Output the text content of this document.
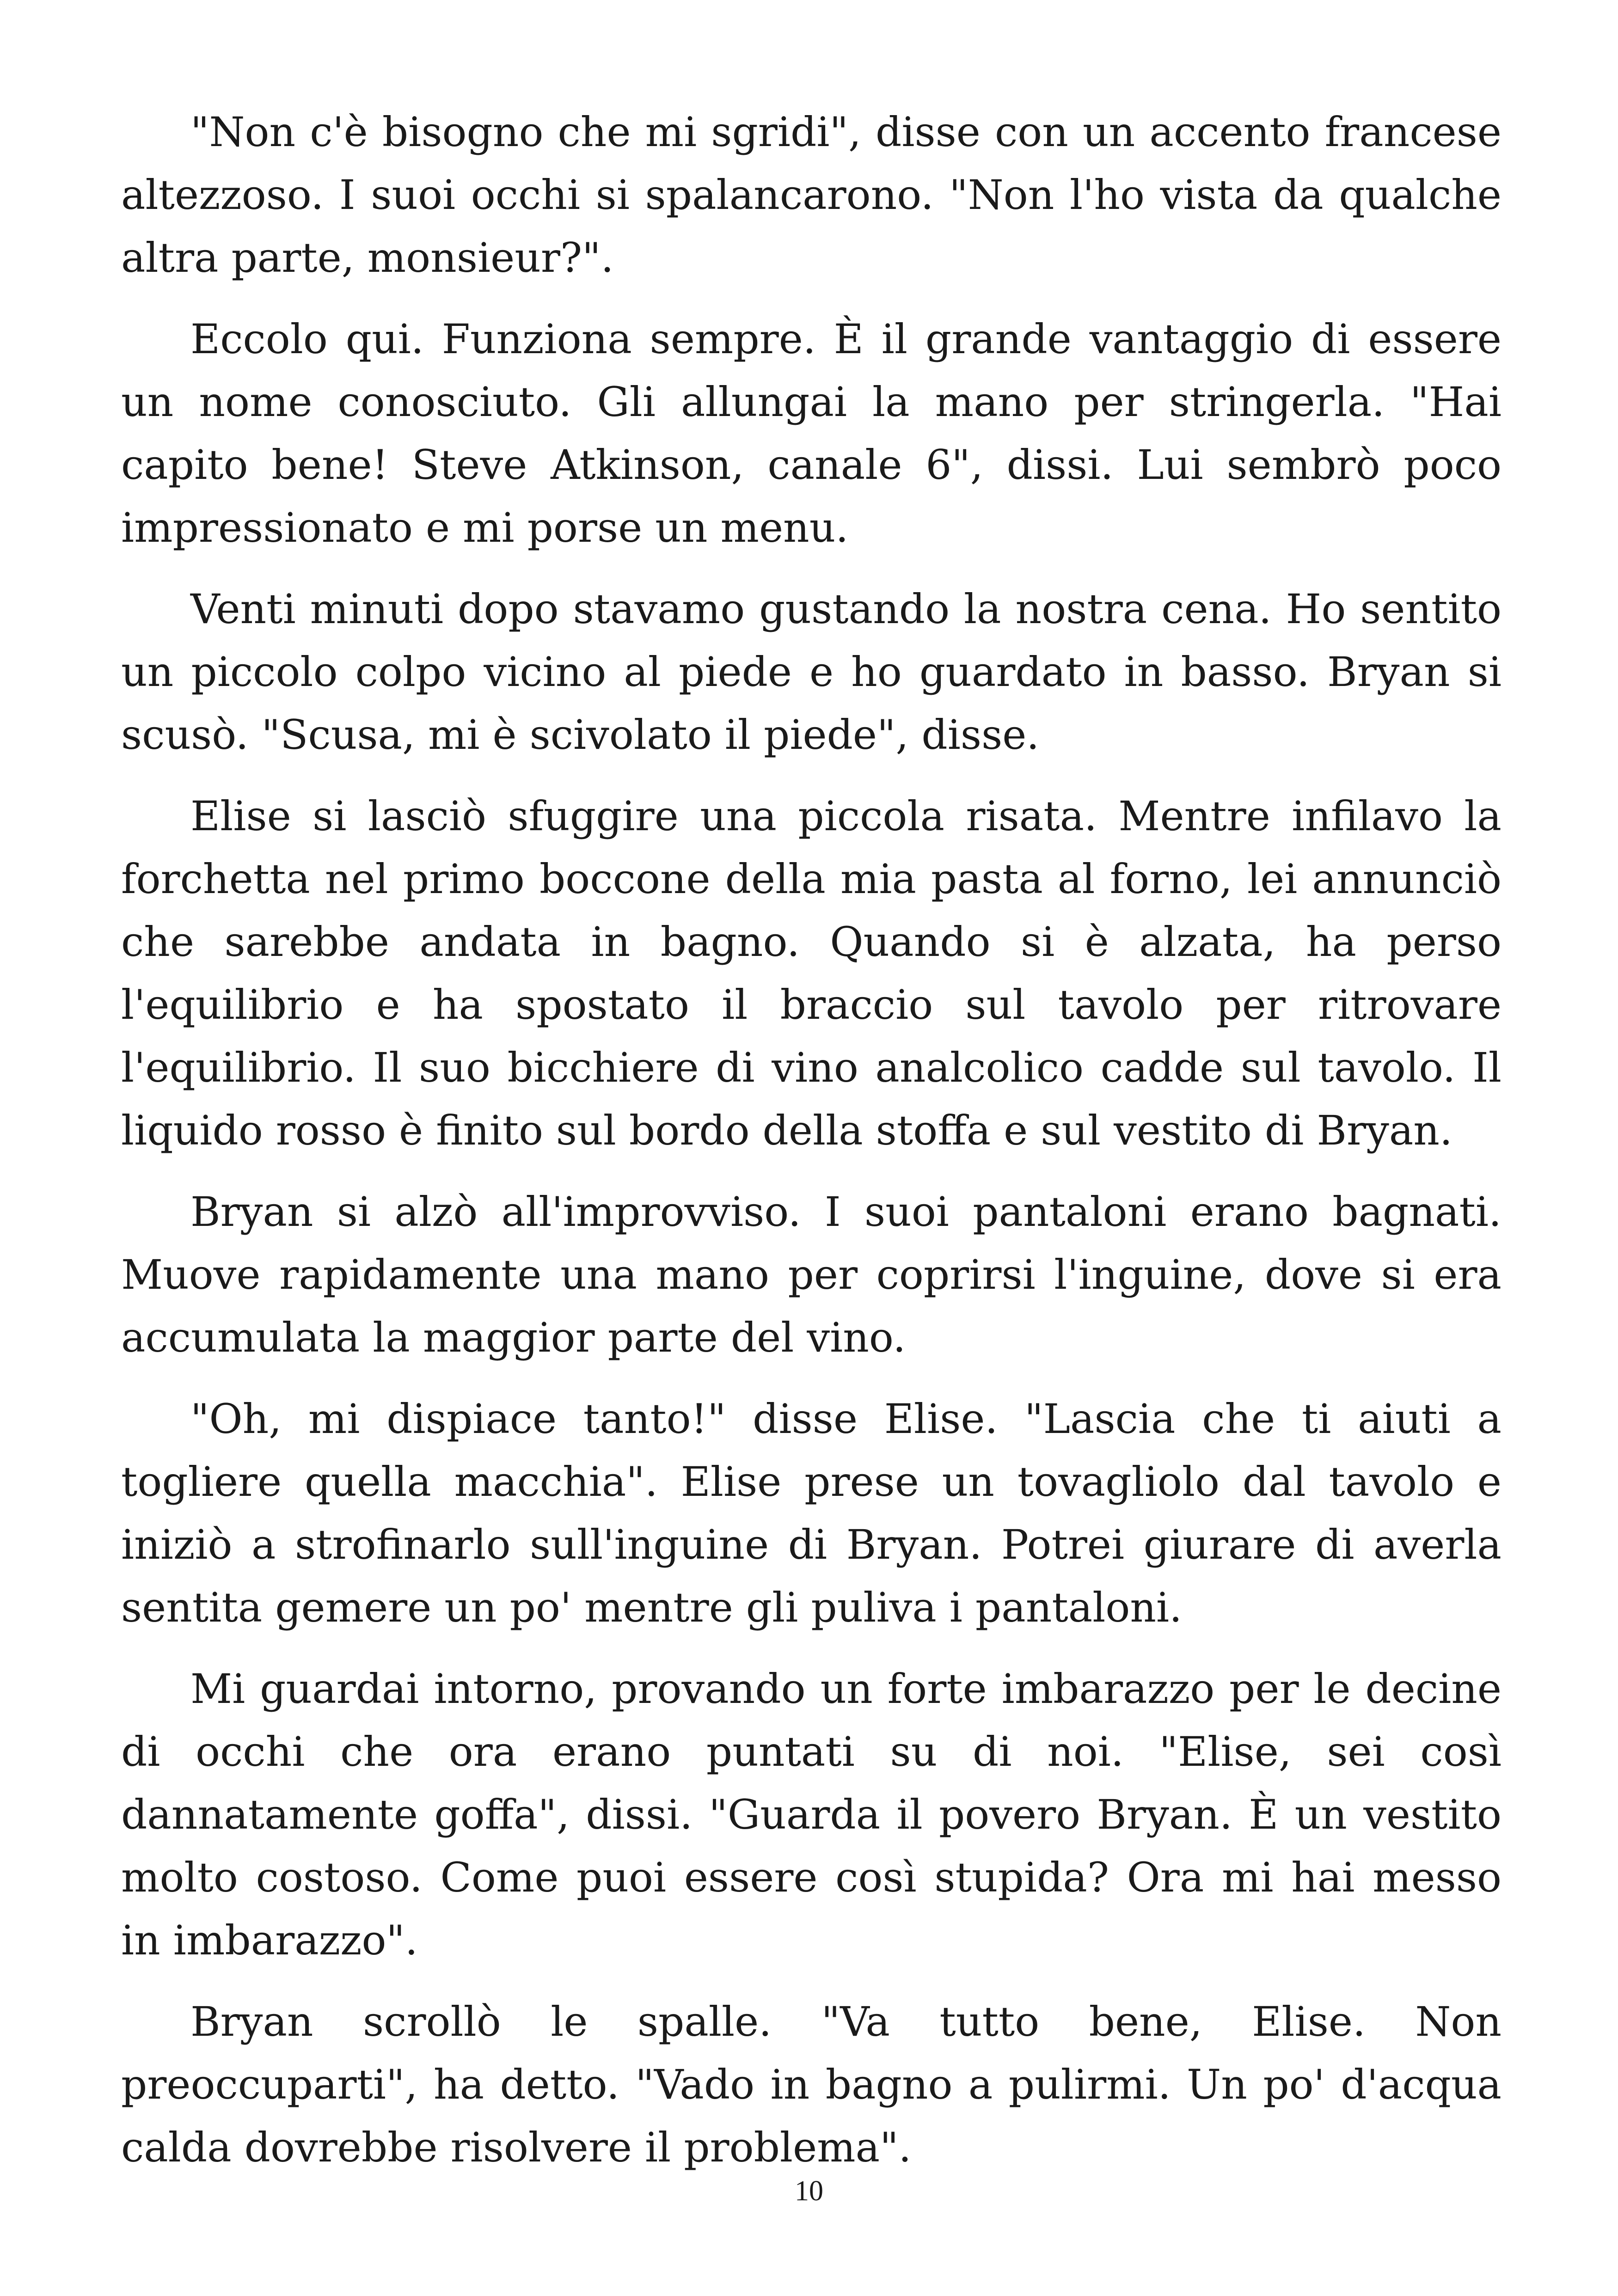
"Non c'è bisogno che mi sgridi", disse con un accento francese altezzoso. I suoi occhi si spalancarono. "Non l'ho vista da qualche altra parte, monsieur?".

Eccolo qui. Funziona sempre. È il grande vantaggio di essere un nome conosciuto. Gli allungai la mano per stringerla. "Hai capito bene! Steve Atkinson, canale 6", dissi. Lui sembrò poco impressionato e mi porse un menu.

Venti minuti dopo stavamo gustando la nostra cena. Ho sentito un piccolo colpo vicino al piede e ho guardato in basso. Bryan si scusò. "Scusa, mi è scivolato il piede", disse.

Elise si lasciò sfuggire una piccola risata. Mentre infilavo la forchetta nel primo boccone della mia pasta al forno, lei annunciò che sarebbe andata in bagno. Quando si è alzata, ha perso l'equilibrio e ha spostato il braccio sul tavolo per ritrovare l'equilibrio. Il suo bicchiere di vino analcolico cadde sul tavolo. Il liquido rosso è finito sul bordo della stoffa e sul vestito di Bryan.

Bryan si alzò all'improvviso. I suoi pantaloni erano bagnati. Muove rapidamente una mano per coprirsi l'inguine, dove si era accumulata la maggior parte del vino.

"Oh, mi dispiace tanto!" disse Elise. "Lascia che ti aiuti a togliere quella macchia". Elise prese un tovagliolo dal tavolo e iniziò a strofinarlo sull'inguine di Bryan. Potrei giurare di averla sentita gemere un po' mentre gli puliva i pantaloni.

Mi guardai intorno, provando un forte imbarazzo per le decine di occhi che ora erano puntati su di noi. "Elise, sei così dannatamente goffa", dissi. "Guarda il povero Bryan. È un vestito molto costoso. Come puoi essere così stupida? Ora mi hai messo in imbarazzo".

Bryan scrollò le spalle. "Va tutto bene, Elise. Non preoccuparti", ha detto. "Vado in bagno a pulirmi. Un po' d'acqua calda dovrebbe risolvere il problema".

10
